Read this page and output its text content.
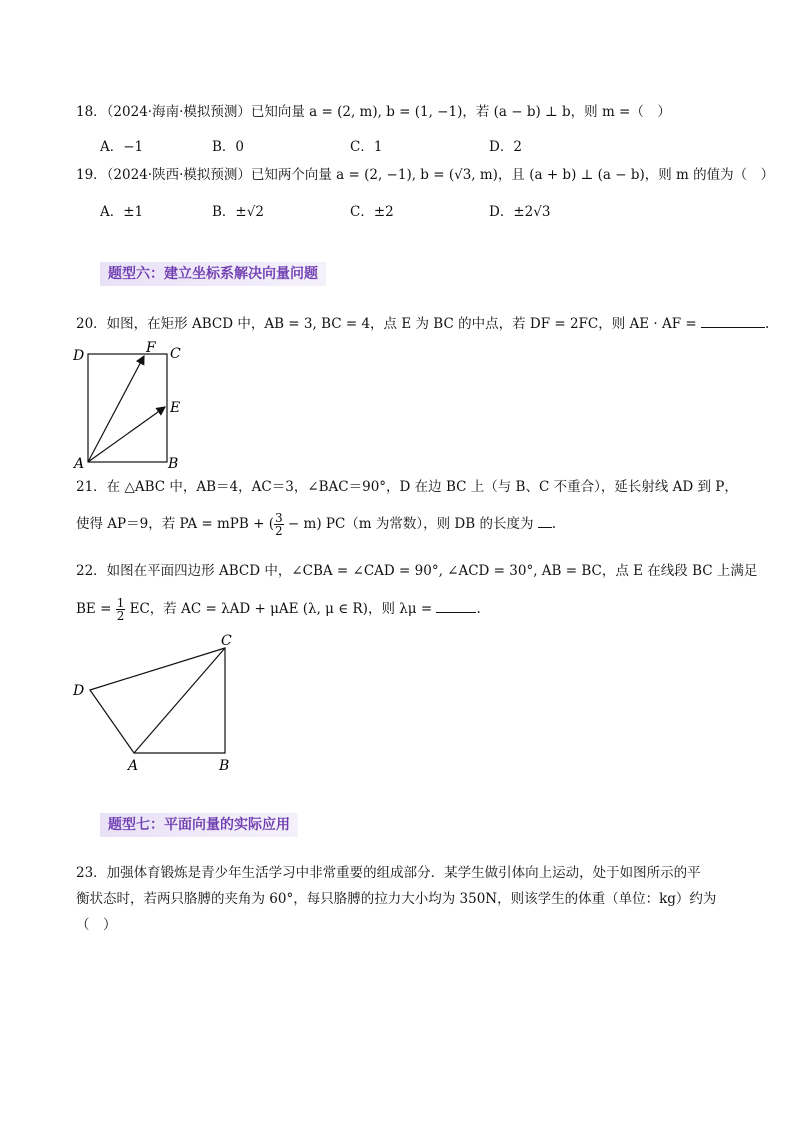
18．（2024·海南·模拟预测）已知向量 a = (2, m), b = (1, −1)，若 (a − b) ⊥ b，则 m =（　）
A．−1	B．0	C．1	D．2
19．（2024·陕西·模拟预测）已知两个向量 a = (2, −1), b = (√3, m)，且 (a + b) ⊥ (a − b)，则 m 的值为（　）
A．±1	B．±√2	C．±2	D．±2√3
题型六：建立坐标系解决向量问题
20．如图，在矩形 ABCD 中，AB = 3, BC = 4，点 E 为 BC 的中点，若 DF = 2FC，则 AE · AF =	.
D	F C
E
A	B
21．在 △ABC 中，AB＝4，AC＝3，∠BAC＝90°，D 在边 BC 上（与 B、C 不重合），延长射线 AD 到 P，
使得 AP＝9，若 PA = mPB + ( $\frac{3}{2} - m$) PC（m 为常数），则 DB 的长度为 .
22．如图在平面四边形 ABCD 中，∠CBA = ∠CAD = 90°, ∠ACD = 30°, AB = BC，点 E 在线段 BC 上满足
BE = $\frac{1}{2}$ EC，若 AC = λAD + μAE (λ, μ ∈ R)，则 λμ =	.
C
D
A	B
题型七：平面向量的实际应用
23．加强体育锻炼是青少年生活学习中非常重要的组成部分．某学生做引体向上运动，处于如图所示的平
衡状态时，若两只胳膊的夹角为 60°，每只胳膊的拉力大小均为 350N，则该学生的体重（单位：kg）约为
（　）
